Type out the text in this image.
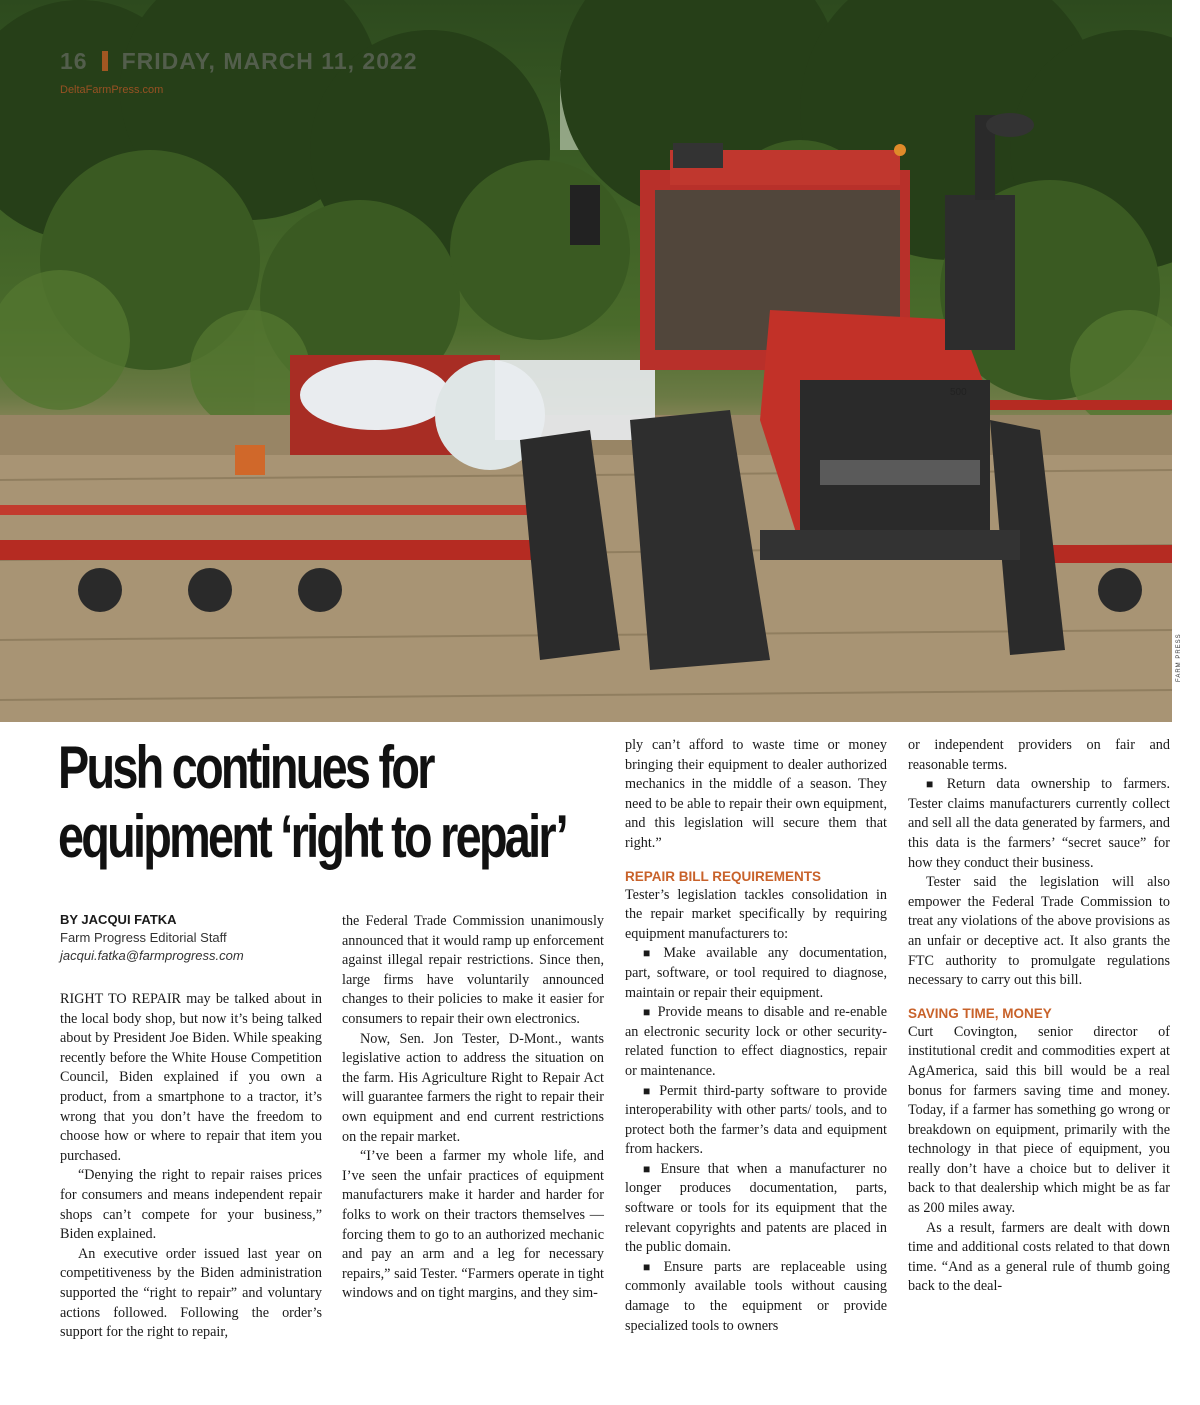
500
FARM PRESS
16 FRIDAY, MARCH 11, 2022
DeltaFarmPress.com
Push continues for
equipment ‘right to repair’
BY JACQUI FATKA
Farm Progress Editorial Staff
jacqui.fatka@farmprogress.com

RIGHT TO REPAIR may be talked about in the local body shop, but now it’s being talked about by President Joe Biden. While speaking recently before the White House Competition Council, Biden explained if you own a product, from a smartphone to a tractor, it’s wrong that you don’t have the freedom to choose how or where to repair that item you purchased.

“Denying the right to repair raises prices for consumers and means independent repair shops can’t compete for your business,” Biden explained.

An executive order issued last year on competitiveness by the Biden administration supported the “right to repair” and voluntary actions followed. Following the order’s support for the right to repair,

the Federal Trade Commission unanimously announced that it would ramp up enforcement against illegal repair restrictions. Since then, large firms have voluntarily announced changes to their policies to make it easier for consumers to repair their own electronics.

Now, Sen. Jon Tester, D-Mont., wants legislative action to address the situation on the farm. His Agriculture Right to Repair Act will guarantee farmers the right to repair their own equipment and end current restrictions on the repair market.

“I’ve been a farmer my whole life, and I’ve seen the unfair practices of equipment manufacturers make it harder and harder for folks to work on their tractors themselves — forcing them to go to an authorized mechanic and pay an arm and a leg for necessary repairs,” said Tester. “Farmers operate in tight windows and on tight margins, and they sim-

ply can’t afford to waste time or money bringing their equipment to dealer authorized mechanics in the middle of a season. They need to be able to repair their own equipment, and this legislation will secure them that right.”

REPAIR BILL REQUIREMENTS

Tester’s legislation tackles consolidation in the repair market specifically by requiring equipment manufacturers to:

■ Make available any documentation, part, software, or tool required to diagnose, maintain or repair their equipment.

■ Provide means to disable and re-enable an electronic security lock or other security-related function to effect diagnostics, repair or maintenance.

■ Permit third-party software to provide interoperability with other parts/ tools, and to protect both the farmer’s data and equipment from hackers.

■ Ensure that when a manufacturer no longer produces documentation, parts, software or tools for its equipment that the relevant copyrights and patents are placed in the public domain.

■ Ensure parts are replaceable using commonly available tools without causing damage to the equipment or provide specialized tools to owners

or independent providers on fair and reasonable terms.

■ Return data ownership to farmers. Tester claims manufacturers currently collect and sell all the data generated by farmers, and this data is the farmers’ “secret sauce” for how they conduct their business.

Tester said the legislation will also empower the Federal Trade Commission to treat any violations of the above provisions as an unfair or deceptive act. It also grants the FTC authority to promulgate regulations necessary to carry out this bill.

SAVING TIME, MONEY

Curt Covington, senior director of institutional credit and commodities expert at AgAmerica, said this bill would be a real bonus for farmers saving time and money. Today, if a farmer has something go wrong or breakdown on equipment, primarily with the technology in that piece of equipment, you really don’t have a choice but to deliver it back to that dealership which might be as far as 200 miles away.

As a result, farmers are dealt with down time and additional costs related to that down time. “And as a general rule of thumb going back to the deal-
